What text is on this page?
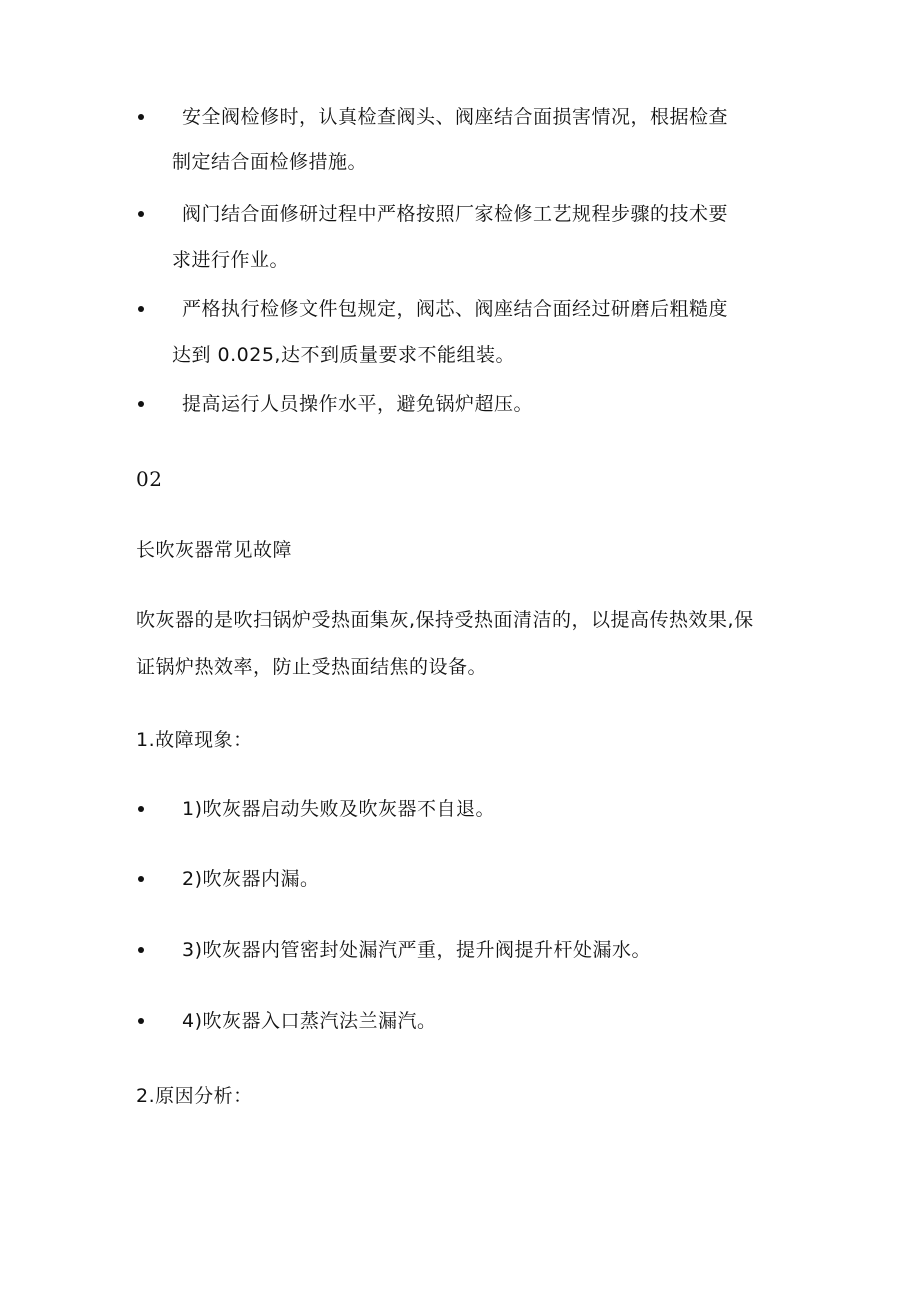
安全阀检修时，认真检查阀头、阀座结合面损害情况，根据检查
制定结合面检修措施。
阀门结合面修研过程中严格按照厂家检修工艺规程步骤的技术要
求进行作业。
严格执行检修文件包规定，阀芯、阀座结合面经过研磨后粗糙度
达到 0.025,达不到质量要求不能组装。
提高运行人员操作水平，避免锅炉超压。
02
长吹灰器常见故障
吹灰器的是吹扫锅炉受热面集灰,保持受热面清洁的，以提高传热效果,保
证锅炉热效率，防止受热面结焦的设备。
1.故障现象：
1)吹灰器启动失败及吹灰器不自退。
2)吹灰器内漏。
3)吹灰器内管密封处漏汽严重，提升阀提升杆处漏水。
4)吹灰器入口蒸汽法兰漏汽。
2.原因分析：
